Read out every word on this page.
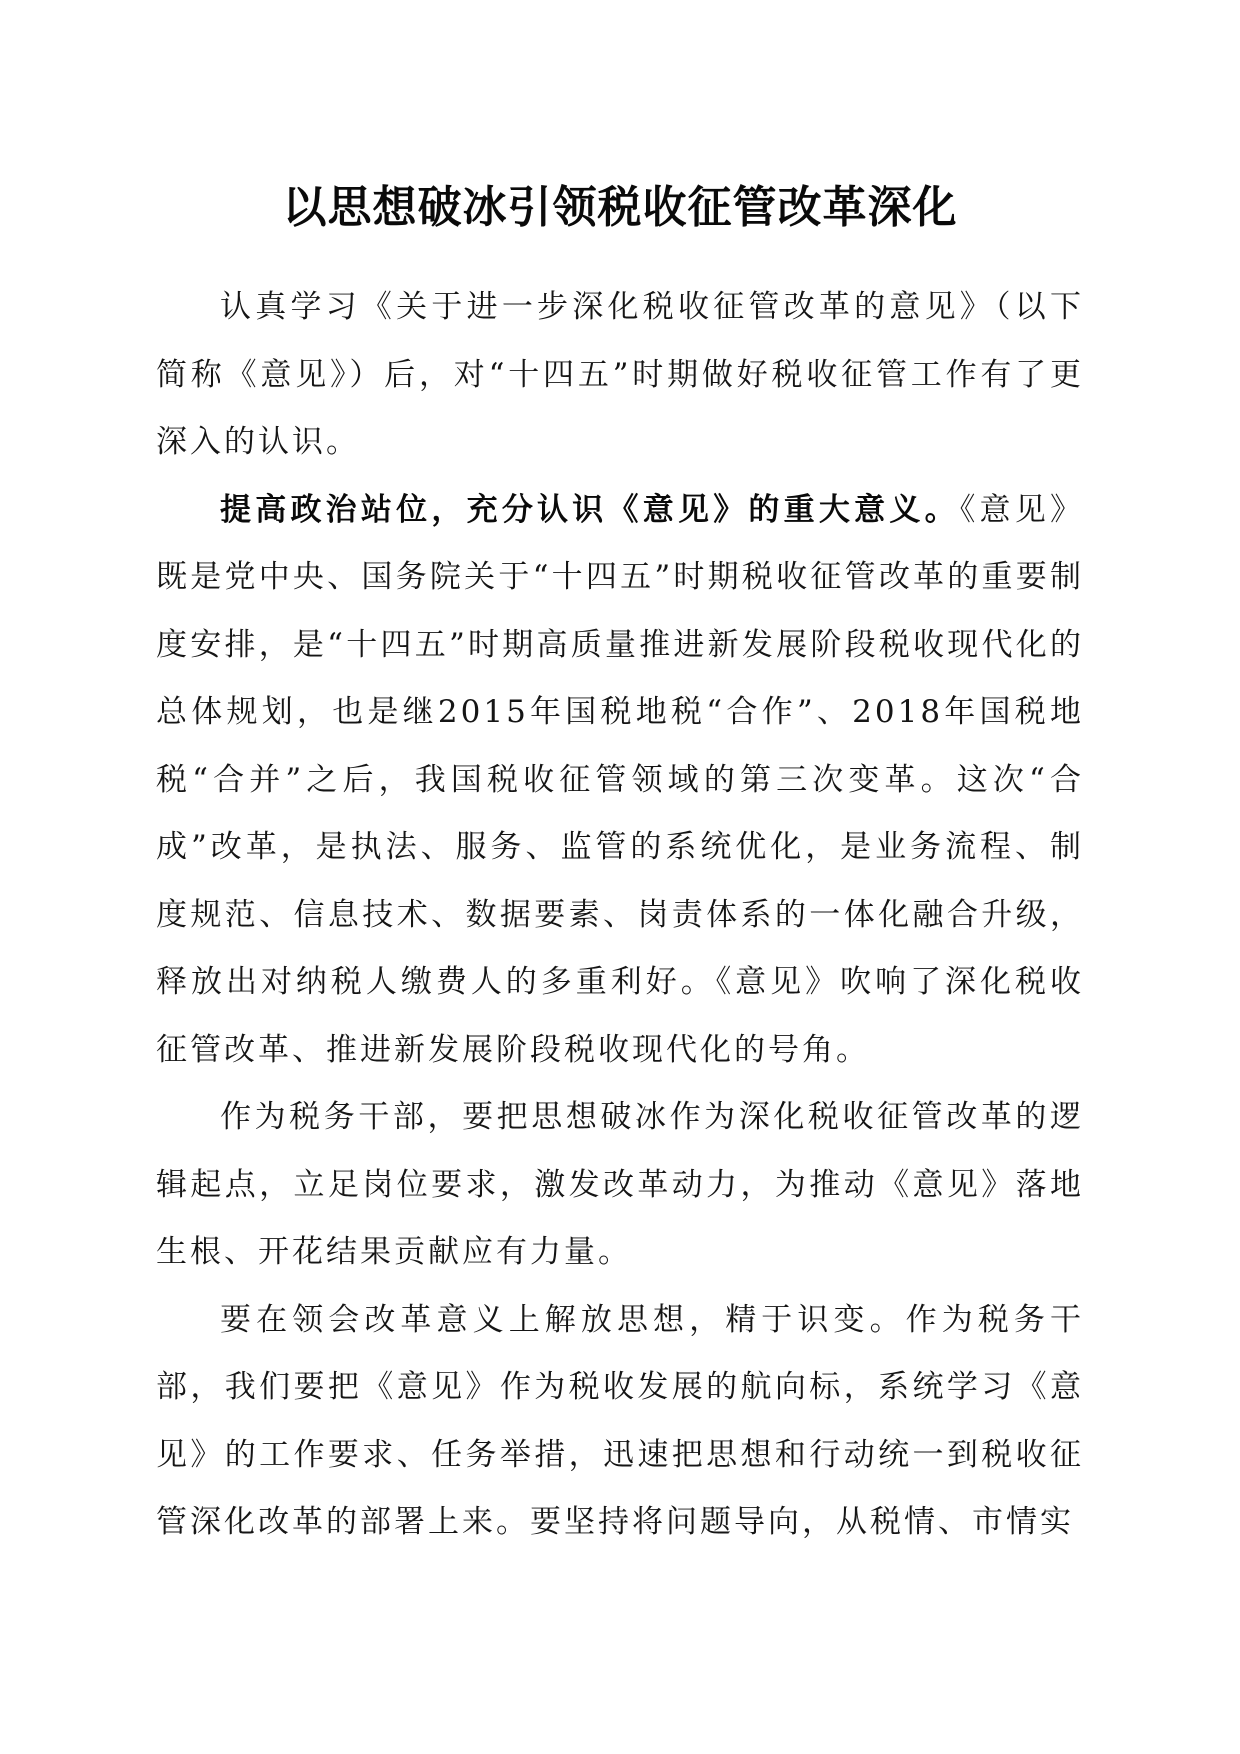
以思想破冰引领税收征管改革深化

认真学习《关于进一步深化税收征管改革的意见》（以下简称《意见》）后，对“十四五”时期做好税收征管工作有了更深入的认识。

提高政治站位，充分认识《意见》的重大意义。《意见》既是党中央、国务院关于“十四五”时期税收征管改革的重要制度安排，是“十四五”时期高质量推进新发展阶段税收现代化的总体规划，也是继2015年国税地税“合作”、2018年国税地税“合并”之后，我国税收征管领域的第三次变革。这次“合成”改革，是执法、服务、监管的系统优化，是业务流程、制度规范、信息技术、数据要素、岗责体系的一体化融合升级，释放出对纳税人缴费人的多重利好。《意见》吹响了深化税收征管改革、推进新发展阶段税收现代化的号角。

作为税务干部，要把思想破冰作为深化税收征管改革的逻辑起点，立足岗位要求，激发改革动力，为推动《意见》落地生根、开花结果贡献应有力量。

要在领会改革意义上解放思想，精于识变。作为税务干部，我们要把《意见》作为税收发展的航向标，系统学习《意见》的工作要求、任务举措，迅速把思想和行动统一到税收征管深化改革的部署上来。要坚持将问题导向，从税情、市情实
